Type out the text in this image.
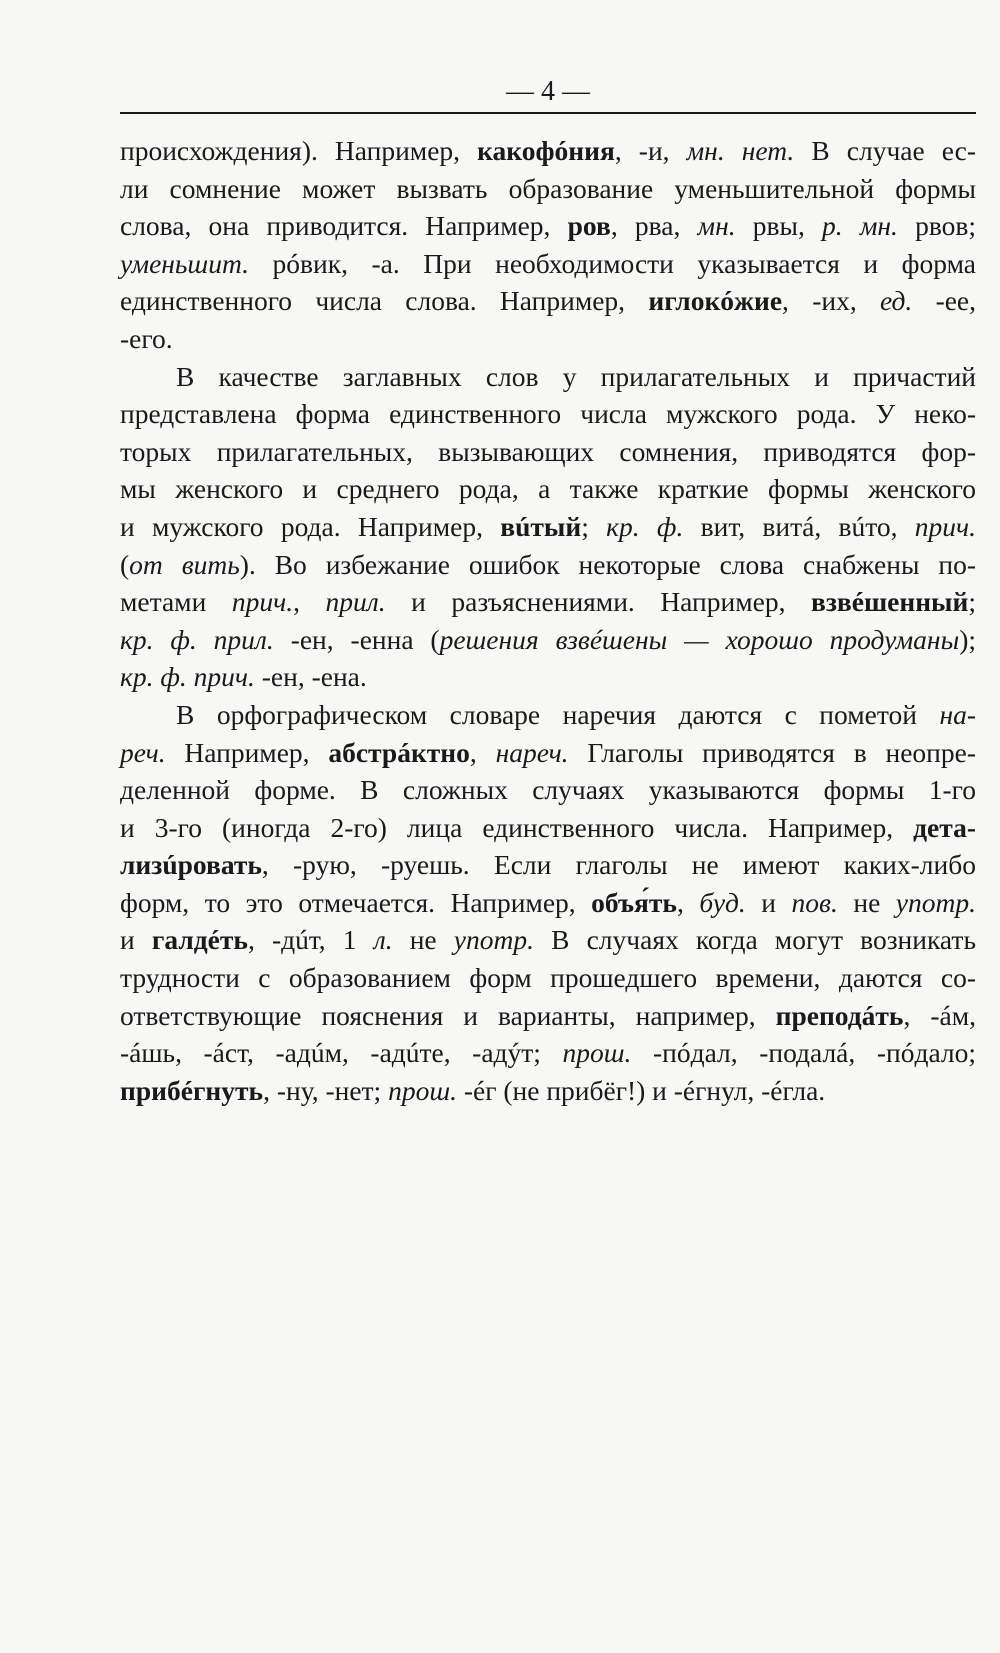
— 4 —
происхождения). Например, какофóния, -и, мн. нет. В случае ес-
ли сомнение может вызвать образование уменьшительной формы
слова, она приводится. Например, ров, рва, мн. рвы, р. мн. рвов;
уменьшит. рóвик, -а. При необходимости указывается и форма
единственного числа слова. Например, иглокóжие, -их, ед. -ее,
-его.
В качестве заглавных слов у прилагательных и причастий
представлена форма единственного числа мужского рода. У неко-
торых прилагательных, вызывающих сомнения, приводятся фор-
мы женского и среднего рода, а также краткие формы женского
и мужского рода. Например, вúтый; кр. ф. вит, витá, вúто, прич.
(от вить). Во избежание ошибок некоторые слова снабжены по-
метами прич., прил. и разъяснениями. Например, взвéшенный;
кр. ф. прил. -ен, -енна (решения взвéшены — хорошо продуманы);
кр. ф. прич. -ен, -ена.
В орфографическом словаре наречия даются с пометой на-
реч. Например, абстрáктно, нареч. Глаголы приводятся в неопре-
деленной форме. В сложных случаях указываются формы 1-го
и 3-го (иногда 2-го) лица единственного числа. Например, дета-
лизúровать, -рую, -руешь. Если глаголы не имеют каких-либо
форм, то это отмечается. Например, объя́ть, буд. и пов. не употр.
и галдéть, -дúт, 1 л. не употр. В случаях когда могут возникать
трудности с образованием форм прошедшего времени, даются со-
ответствующие пояснения и варианты, например, преподáть, -áм,
-áшь, -áст, -адúм, -адúте, -адýт; прош. -пóдал, -подалá, -пóдало;
прибéгнуть, -ну, -нет; прош. -éг (не прибёг!) и -éгнул, -éгла.
